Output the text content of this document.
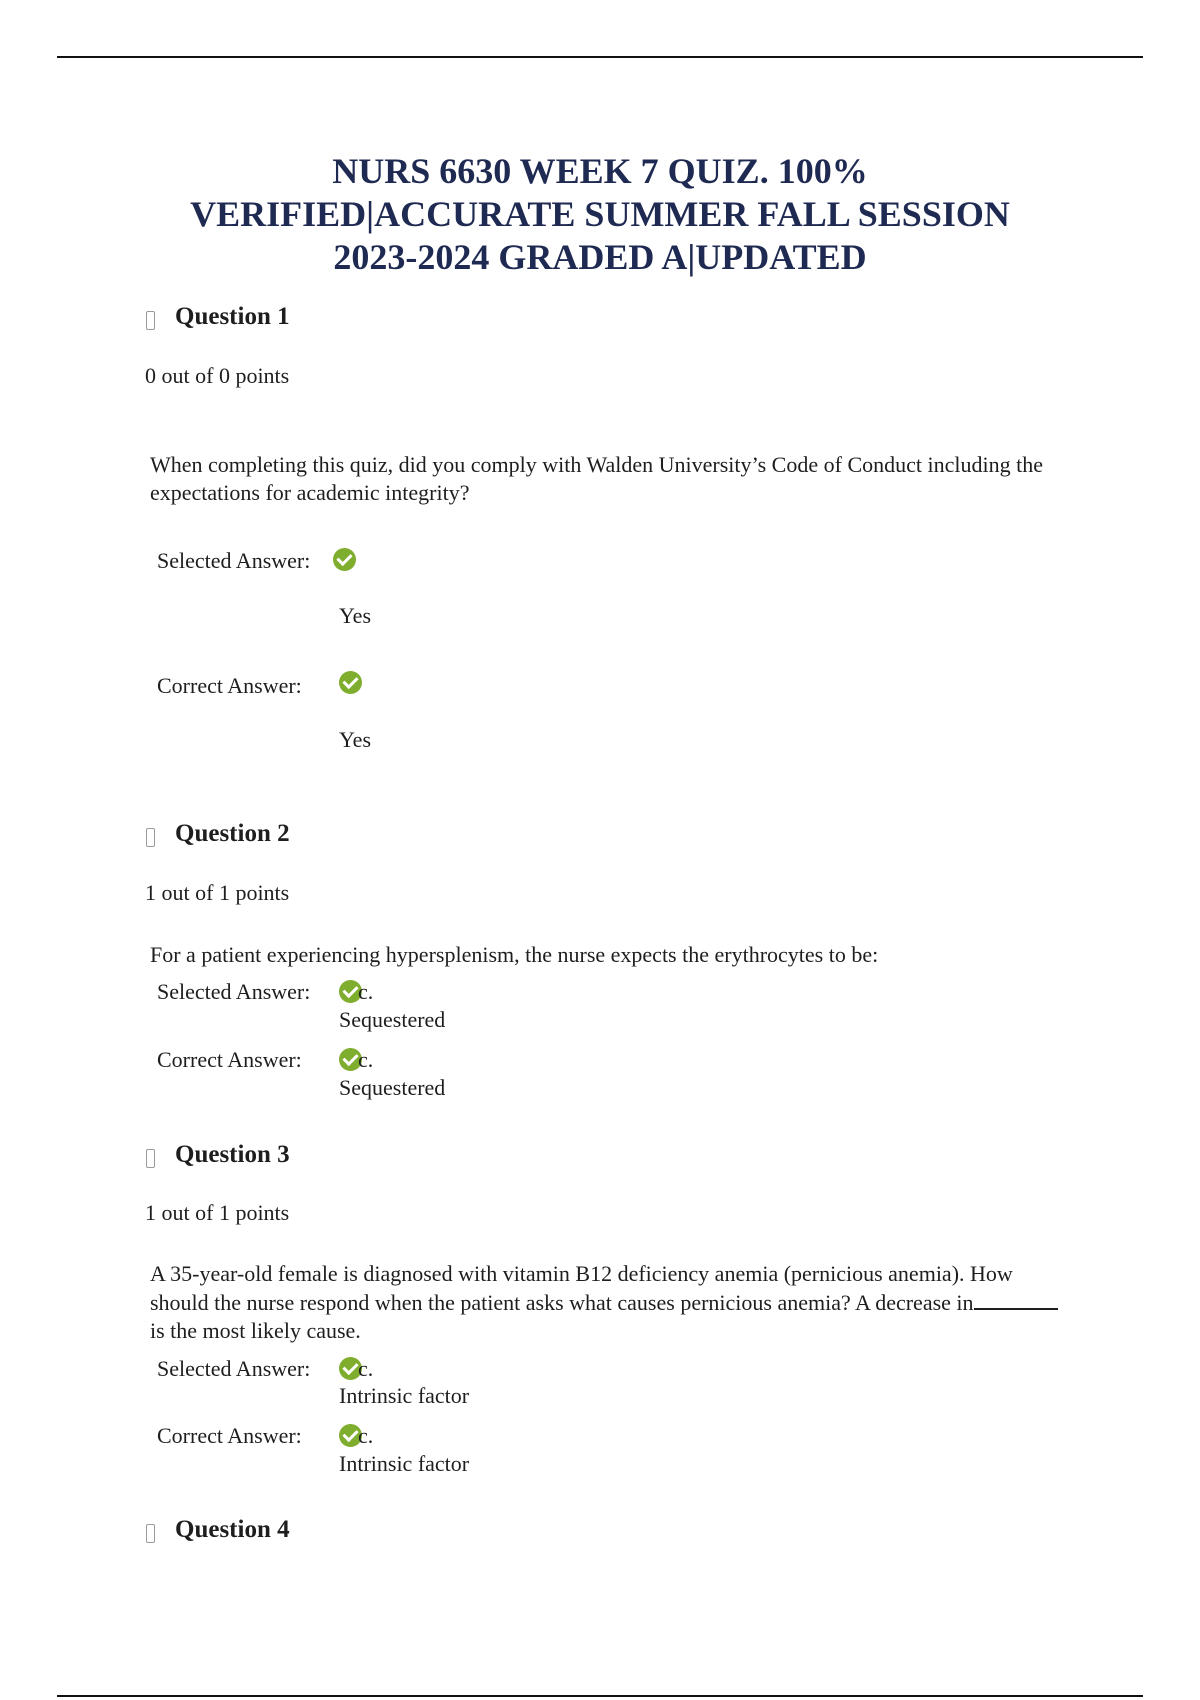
NURS 6630 WEEK 7 QUIZ. 100%
VERIFIED|ACCURATE SUMMER FALL SESSION
2023-2024 GRADED A|UPDATED
Question 1
0 out of 0 points
When completing this quiz, did you comply with Walden University’s Code of Conduct including the expectations for academic integrity?
Selected Answer:
Yes
Correct Answer:
Yes
Question 2
1 out of 1 points
For a patient experiencing hypersplenism, the nurse expects the erythrocytes to be:
Selected Answer: c.
Sequestered
Correct Answer:	c.
Sequestered
Question 3
1 out of 1 points
A 35-year-old female is diagnosed with vitamin B12 deficiency anemia (pernicious anemia). How should the nurse respond when the patient asks what causes pernicious anemia? A decrease inis the most likely cause.
Selected Answer: c.
Intrinsic factor
Correct Answer:	c.
Intrinsic factor
Question 4
